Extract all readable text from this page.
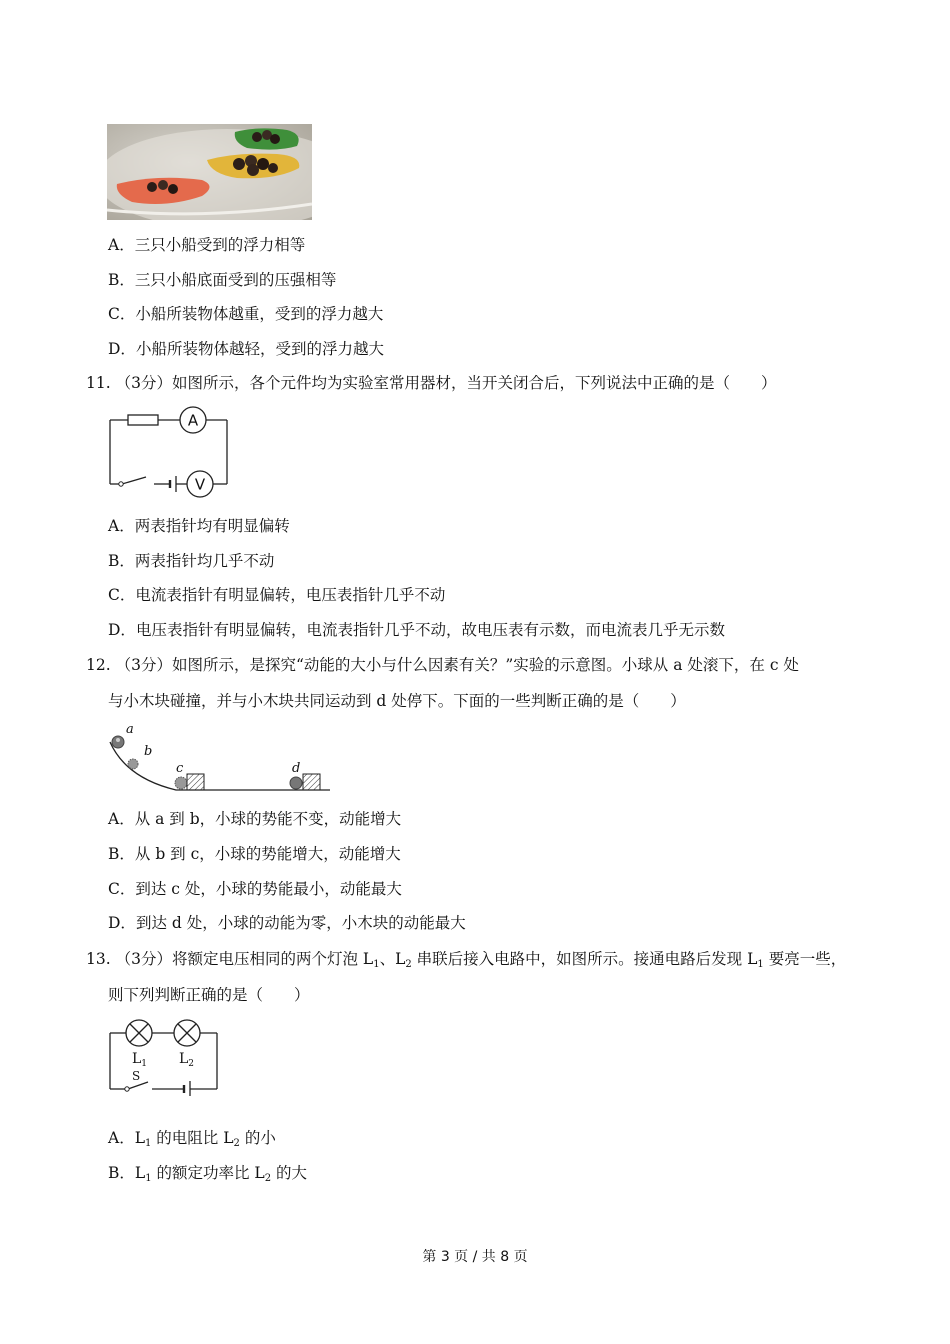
A．三只小船受到的浮力相等
B．三只小船底面受到的压强相等
C．小船所装物体越重，受到的浮力越大
D．小船所装物体越轻，受到的浮力越大
11. （3分）如图所示，各个元件均为实验室常用器材，当开关闭合后，下列说法中正确的是（　　）
A
V
A．两表指针均有明显偏转
B．两表指针均几乎不动
C．电流表指针有明显偏转，电压表指针几乎不动
D．电压表指针有明显偏转，电流表指针几乎不动，故电压表有示数，而电流表几乎无示数
12. （3分）如图所示，是探究“动能的大小与什么因素有关？”实验的示意图。小球从 a 处滚下，在 c 处
与小木块碰撞，并与小木块共同运动到 d 处停下。下面的一些判断正确的是（　　）
a
b
c	d
A．从 a 到 b，小球的势能不变，动能增大
B．从 b 到 c，小球的势能增大，动能增大
C．到达 c 处，小球的势能最小，动能最大
D．到达 d 处，小球的动能为零，小木块的动能最大
13. （3分）将额定电压相同的两个灯泡 $L_1$、$L_2$ 串联后接入电路中，如图所示。接通电路后发现 $L_1$ 要亮一些，
则下列判断正确的是（　　）
$L_1$ $L_2$
S
A．$L_1$ 的电阻比 $L_2$ 的小
B．$L_1$ 的额定功率比 $L_2$ 的大
第 3 页 / 共 8 页
